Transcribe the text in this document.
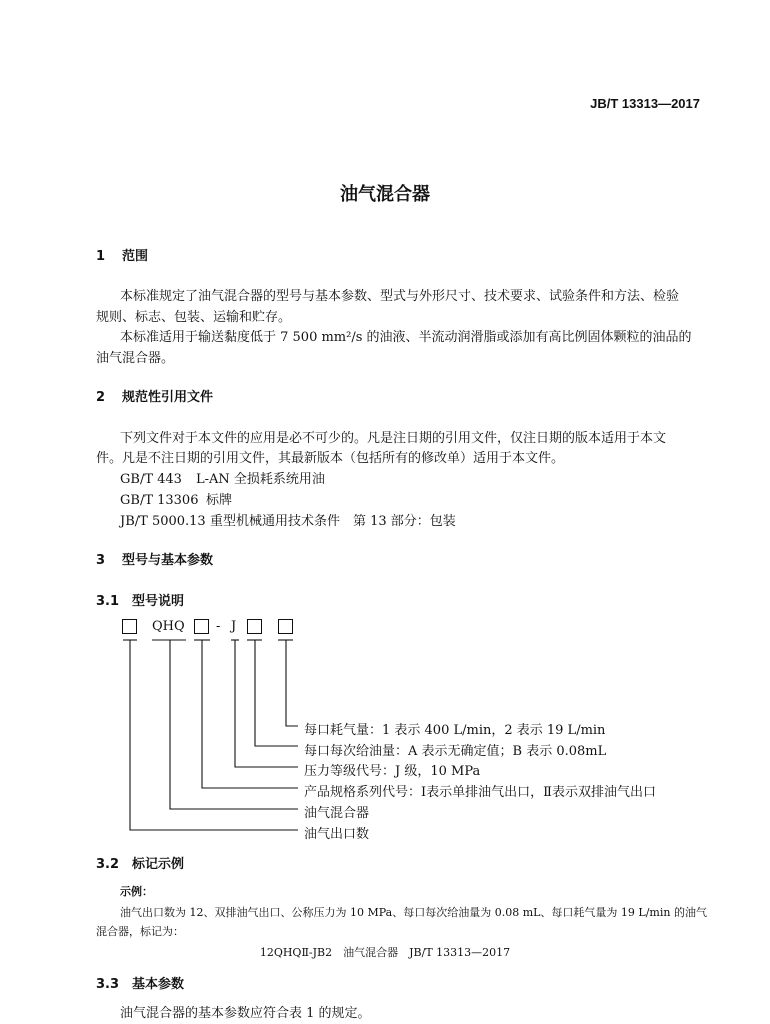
JB/T 13313—2017
油气混合器
1 范围
本标准规定了油气混合器的型号与基本参数、型式与外形尺寸、技术要求、试验条件和方法、检验
规则、标志、包装、运输和贮存。
本标准适用于输送黏度低于 7 500 mm²/s 的油液、半流动润滑脂或添加有高比例固体颗粒的油品的
油气混合器。
2 规范性引用文件
下列文件对于本文件的应用是必不可少的。凡是注日期的引用文件，仅注日期的版本适用于本文
件。凡是不注日期的引用文件，其最新版本（包括所有的修改单）适用于本文件。
GB/T 443 L-AN 全损耗系统用油
GB/T 13306 标牌
JB/T 5000.13 重型机械通用技术条件　第 13 部分：包装
3 型号与基本参数
3.1 型号说明
QHQ - J
每口耗气量：1 表示 400 L/min，2 表示 19 L/min
每口每次给油量：A 表示无确定值；B 表示 0.08mL
压力等级代号：J 级，10 MPa
产品规格系列代号：Ⅰ表示单排油气出口，Ⅱ表示双排油气出口
油气混合器
油气出口数
3.2 标记示例
示例：
油气出口数为 12、双排油气出口、公称压力为 10 MPa、每口每次给油量为 0.08 mL、每口耗气量为 19 L/min 的油气
混合器，标记为：
12QHQⅡ-JB2　油气混合器　JB/T 13313—2017
3.3 基本参数
油气混合器的基本参数应符合表 1 的规定。
